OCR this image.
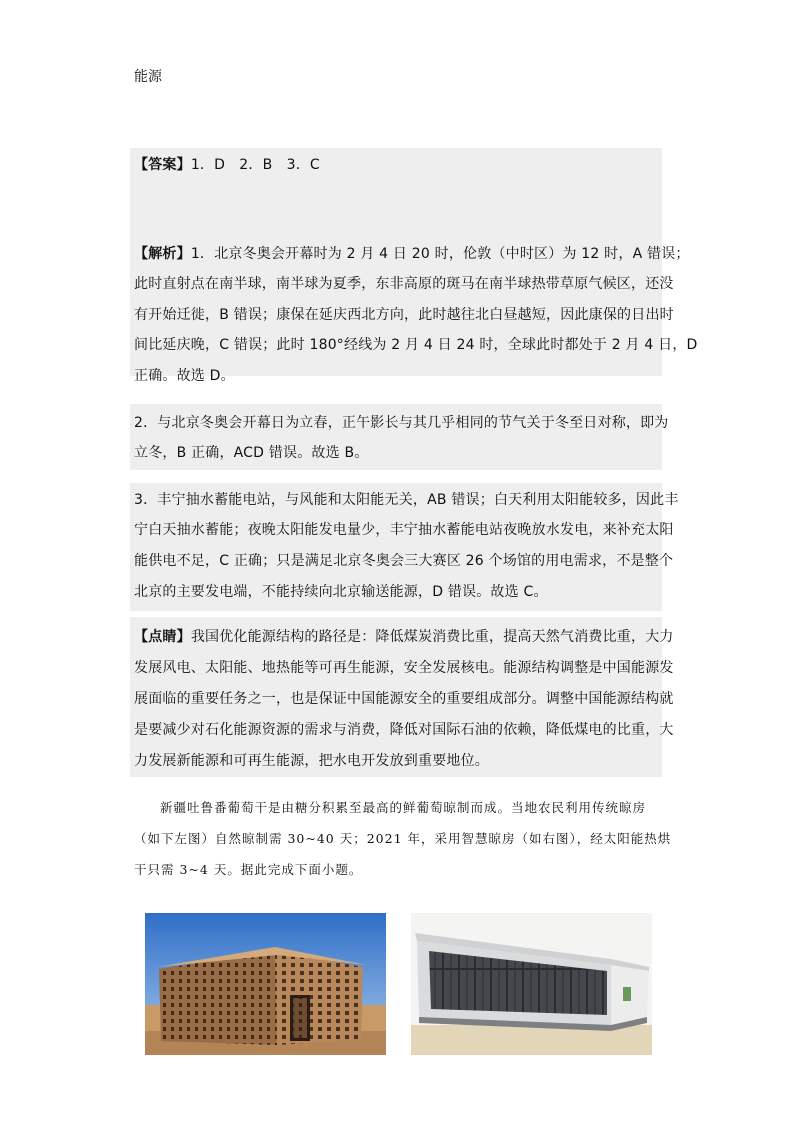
能源
【答案】1．D　2．B　3．C
【解析】1．北京冬奥会开幕时为 2 月 4 日 20 时，伦敦（中时区）为 12 时，A 错误；
此时直射点在南半球，南半球为夏季，东非高原的斑马在南半球热带草原气候区，还没
有开始迁徙，B 错误；康保在延庆西北方向，此时越往北白昼越短，因此康保的日出时
间比延庆晚，C 错误；此时 180°经线为 2 月 4 日 24 时，全球此时都处于 2 月 4 日，D
正确。故选 D。
2．与北京冬奥会开幕日为立春，正午影长与其几乎相同的节气关于冬至日对称，即为
立冬，B 正确，ACD 错误。故选 B。
3．丰宁抽水蓄能电站，与风能和太阳能无关，AB 错误；白天利用太阳能较多，因此丰
宁白天抽水蓄能；夜晚太阳能发电量少，丰宁抽水蓄能电站夜晚放水发电，来补充太阳
能供电不足，C 正确；只是满足北京冬奥会三大赛区 26 个场馆的用电需求，不是整个
北京的主要发电端，不能持续向北京输送能源，D 错误。故选 C。
【点睛】我国优化能源结构的路径是：降低煤炭消费比重，提高天然气消费比重，大力
发展风电、太阳能、地热能等可再生能源，安全发展核电。能源结构调整是中国能源发
展面临的重要任务之一，也是保证中国能源安全的重要组成部分。调整中国能源结构就
是要减少对石化能源资源的需求与消费，降低对国际石油的依赖，降低煤电的比重，大
力发展新能源和可再生能源，把水电开发放到重要地位。
新疆吐鲁番葡萄干是由糖分积累至最高的鲜葡萄晾制而成。当地农民利用传统晾房
（如下左图）自然晾制需 30~40 天；2021 年，采用智慧晾房（如右图），经太阳能热烘
干只需 3~4 天。据此完成下面小题。
